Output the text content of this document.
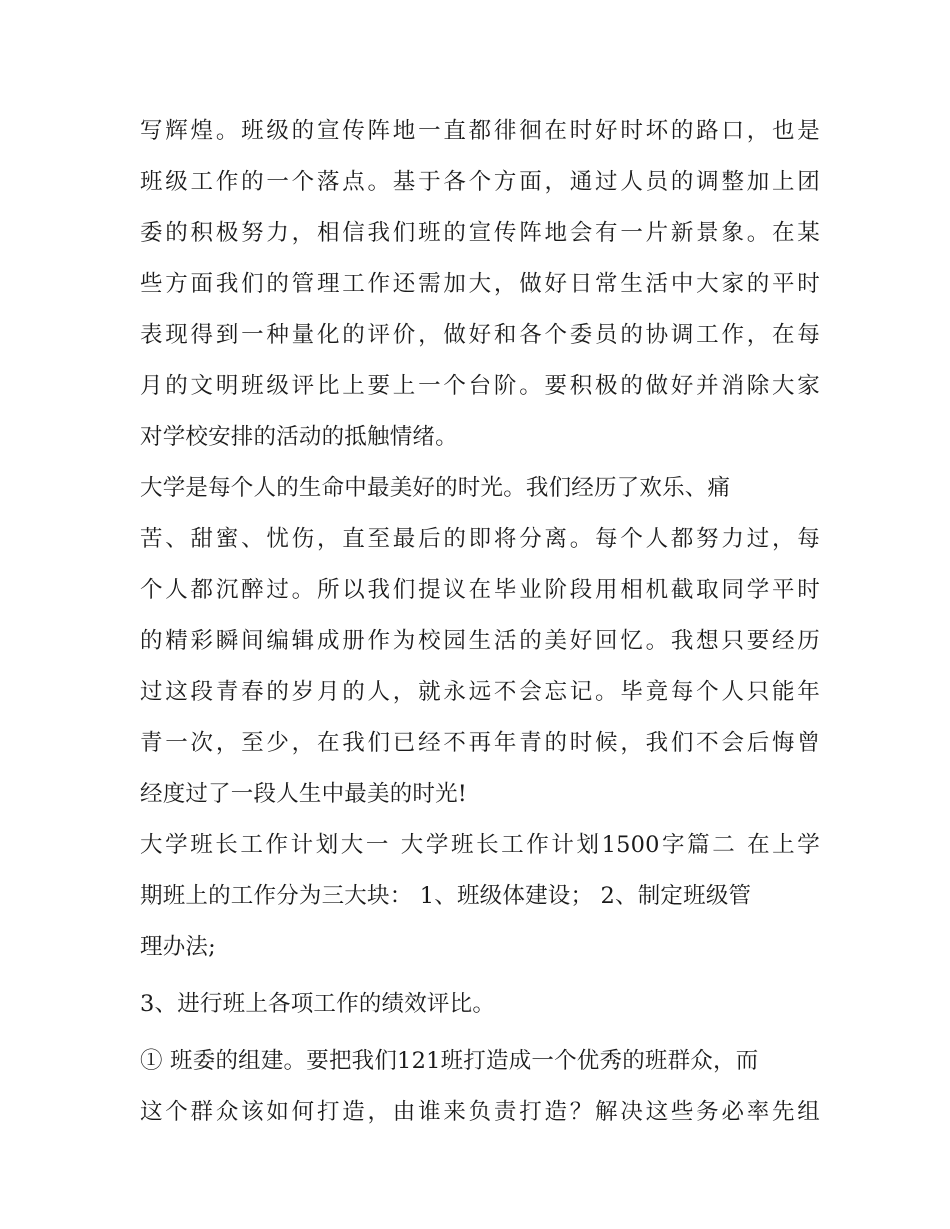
写辉煌。班级的宣传阵地一直都徘徊在时好时坏的路口，也是
班级工作的一个落点。基于各个方面，通过人员的调整加上团
委的积极努力，相信我们班的宣传阵地会有一片新景象。在某
些方面我们的管理工作还需加大，做好日常生活中大家的平时
表现得到一种量化的评价，做好和各个委员的协调工作，在每
月的文明班级评比上要上一个台阶。要积极的做好并消除大家
对学校安排的活动的抵触情绪。
大学是每个人的生命中最美好的时光。我们经历了欢乐、痛
苦、甜蜜、忧伤，直至最后的即将分离。每个人都努力过，每
个人都沉醉过。所以我们提议在毕业阶段用相机截取同学平时
的精彩瞬间编辑成册作为校园生活的美好回忆。我想只要经历
过这段青春的岁月的人，就永远不会忘记。毕竟每个人只能年
青一次，至少，在我们已经不再年青的时候，我们不会后悔曾
经度过了一段人生中最美的时光!
大学班长工作计划大一 大学班长工作计划1500字篇二 在上学
期班上的工作分为三大块： 1、班级体建设； 2、制定班级管
理办法;
3、进行班上各项工作的绩效评比。
① 班委的组建。要把我们121班打造成一个优秀的班群众，而
这个群众该如何打造，由谁来负责打造？解决这些务必率先组
